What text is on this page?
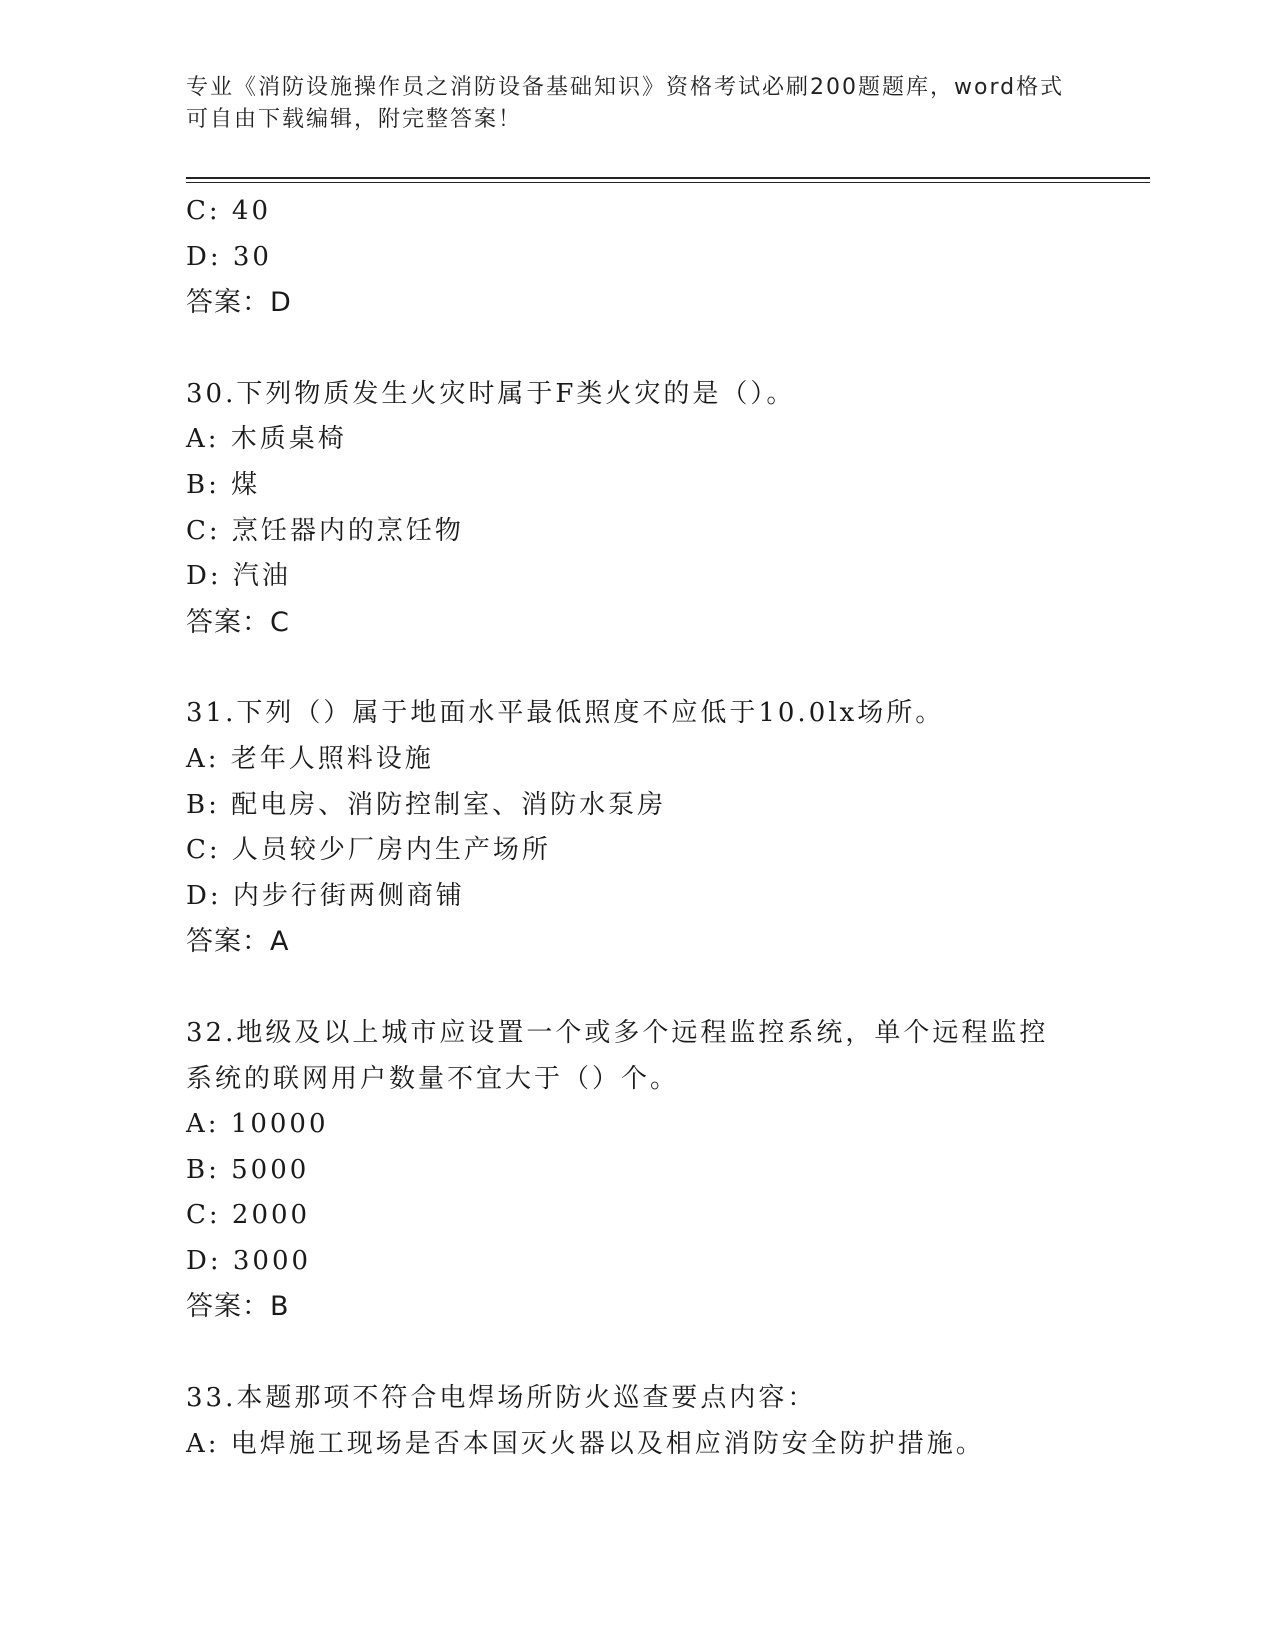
专业《消防设施操作员之消防设备基础知识》资格考试必刷200题题库，word格式可自由下载编辑，附完整答案！
C: 40
D: 30
答案：D
30.下列物质发生火灾时属于F类火灾的是（）。
A: 木质桌椅
B: 煤
C: 烹饪器内的烹饪物
D: 汽油
答案：C
31.下列（）属于地面水平最低照度不应低于10.0lx场所。
A: 老年人照料设施
B: 配电房、消防控制室、消防水泵房
C: 人员较少厂房内生产场所
D: 内步行街两侧商铺
答案：A
32.地级及以上城市应设置一个或多个远程监控系统，单个远程监控系统的联网用户数量不宜大于（）个。
A: 10000
B: 5000
C: 2000
D: 3000
答案：B
33.本题那项不符合电焊场所防火巡查要点内容：
A: 电焊施工现场是否本国灭火器以及相应消防安全防护措施。
